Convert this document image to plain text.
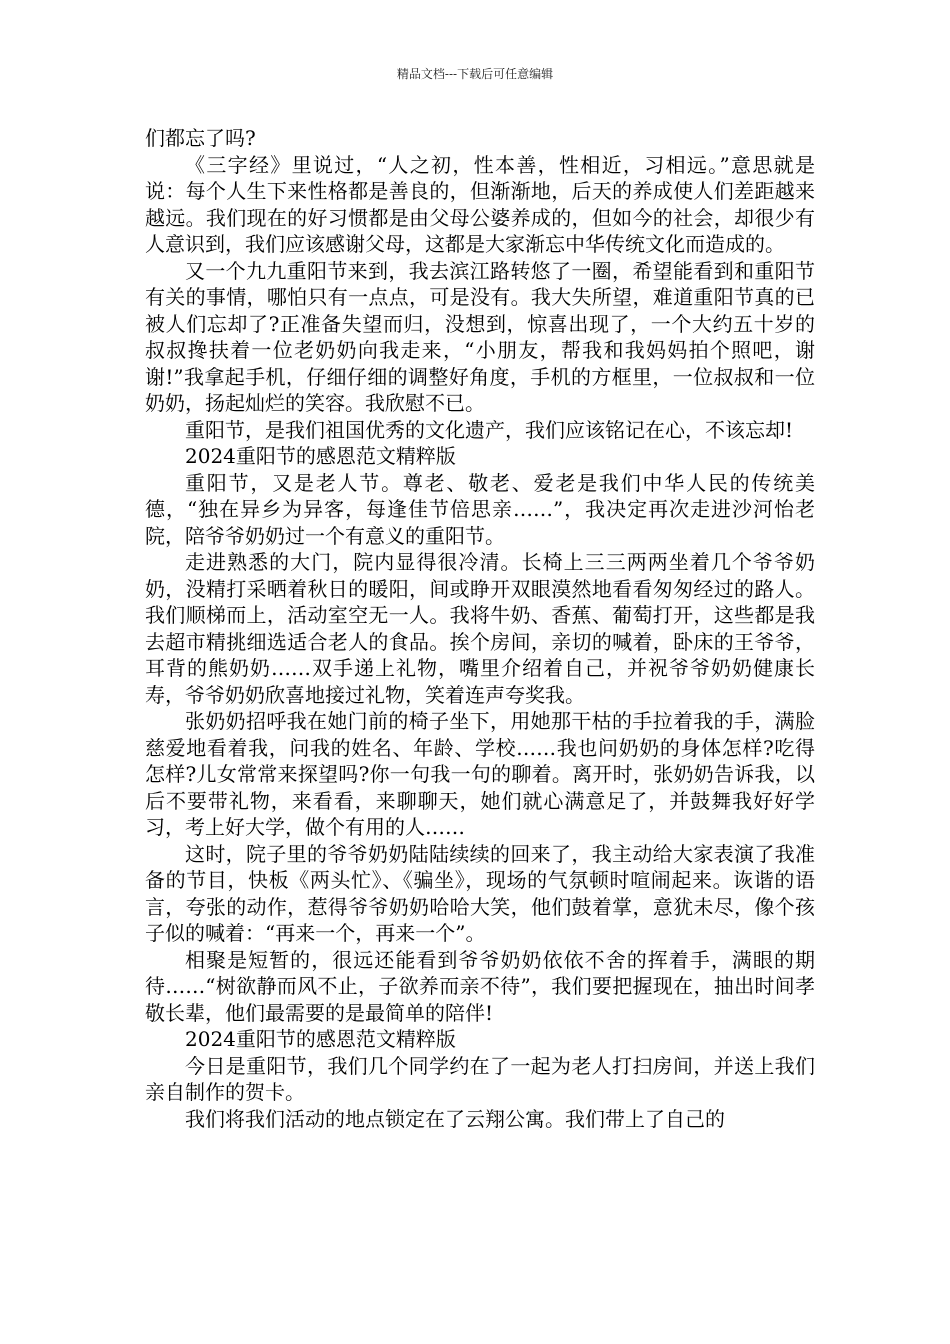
精品文档---下载后可任意编辑

们都忘了吗?

《三字经》里说过，“人之初，性本善，性相近，习相远。”意思就是说：每个人生下来性格都是善良的，但渐渐地，后天的养成使人们差距越来越远。我们现在的好习惯都是由父母公婆养成的，但如今的社会，却很少有人意识到，我们应该感谢父母，这都是大家渐忘中华传统文化而造成的。

又一个九九重阳节来到，我去滨江路转悠了一圈，希望能看到和重阳节有关的事情，哪怕只有一点点，可是没有。我大失所望，难道重阳节真的已被人们忘却了?正准备失望而归，没想到，惊喜出现了，一个大约五十岁的叔叔搀扶着一位老奶奶向我走来，“小朋友，帮我和我妈妈拍个照吧，谢谢!”我拿起手机，仔细仔细的调整好角度，手机的方框里，一位叔叔和一位奶奶，扬起灿烂的笑容。我欣慰不已。

重阳节，是我们祖国优秀的文化遗产，我们应该铭记在心，不该忘却!

2024重阳节的感恩范文精粹版

重阳节，又是老人节。尊老、敬老、爱老是我们中华人民的传统美德，“独在异乡为异客，每逢佳节倍思亲……”，我决定再次走进沙河怡老院，陪爷爷奶奶过一个有意义的重阳节。

走进熟悉的大门，院内显得很冷清。长椅上三三两两坐着几个爷爷奶奶，没精打采晒着秋日的暖阳，间或睁开双眼漠然地看看匆匆经过的路人。我们顺梯而上，活动室空无一人。我将牛奶、香蕉、葡萄打开，这些都是我去超市精挑细选适合老人的食品。挨个房间，亲切的喊着，卧床的王爷爷，耳背的熊奶奶……双手递上礼物，嘴里介绍着自己，并祝爷爷奶奶健康长寿，爷爷奶奶欣喜地接过礼物，笑着连声夸奖我。

张奶奶招呼我在她门前的椅子坐下，用她那干枯的手拉着我的手，满脸慈爱地看着我，问我的姓名、年龄、学校……我也问奶奶的身体怎样?吃得怎样?儿女常常来探望吗?你一句我一句的聊着。离开时，张奶奶告诉我，以后不要带礼物，来看看，来聊聊天，她们就心满意足了，并鼓舞我好好学习，考上好大学，做个有用的人……

这时，院子里的爷爷奶奶陆陆续续的回来了，我主动给大家表演了我准备的节目，快板《两头忙》、《骗坐》，现场的气氛顿时喧闹起来。诙谐的语言，夸张的动作，惹得爷爷奶奶哈哈大笑，他们鼓着掌，意犹未尽，像个孩子似的喊着：“再来一个，再来一个”。

相聚是短暂的，很远还能看到爷爷奶奶依依不舍的挥着手，满眼的期待……“树欲静而风不止，子欲养而亲不待”，我们要把握现在，抽出时间孝敬长辈，他们最需要的是最简单的陪伴!

2024重阳节的感恩范文精粹版

今日是重阳节，我们几个同学约在了一起为老人打扫房间，并送上我们亲自制作的贺卡。

我们将我们活动的地点锁定在了云翔公寓。我们带上了自己的
